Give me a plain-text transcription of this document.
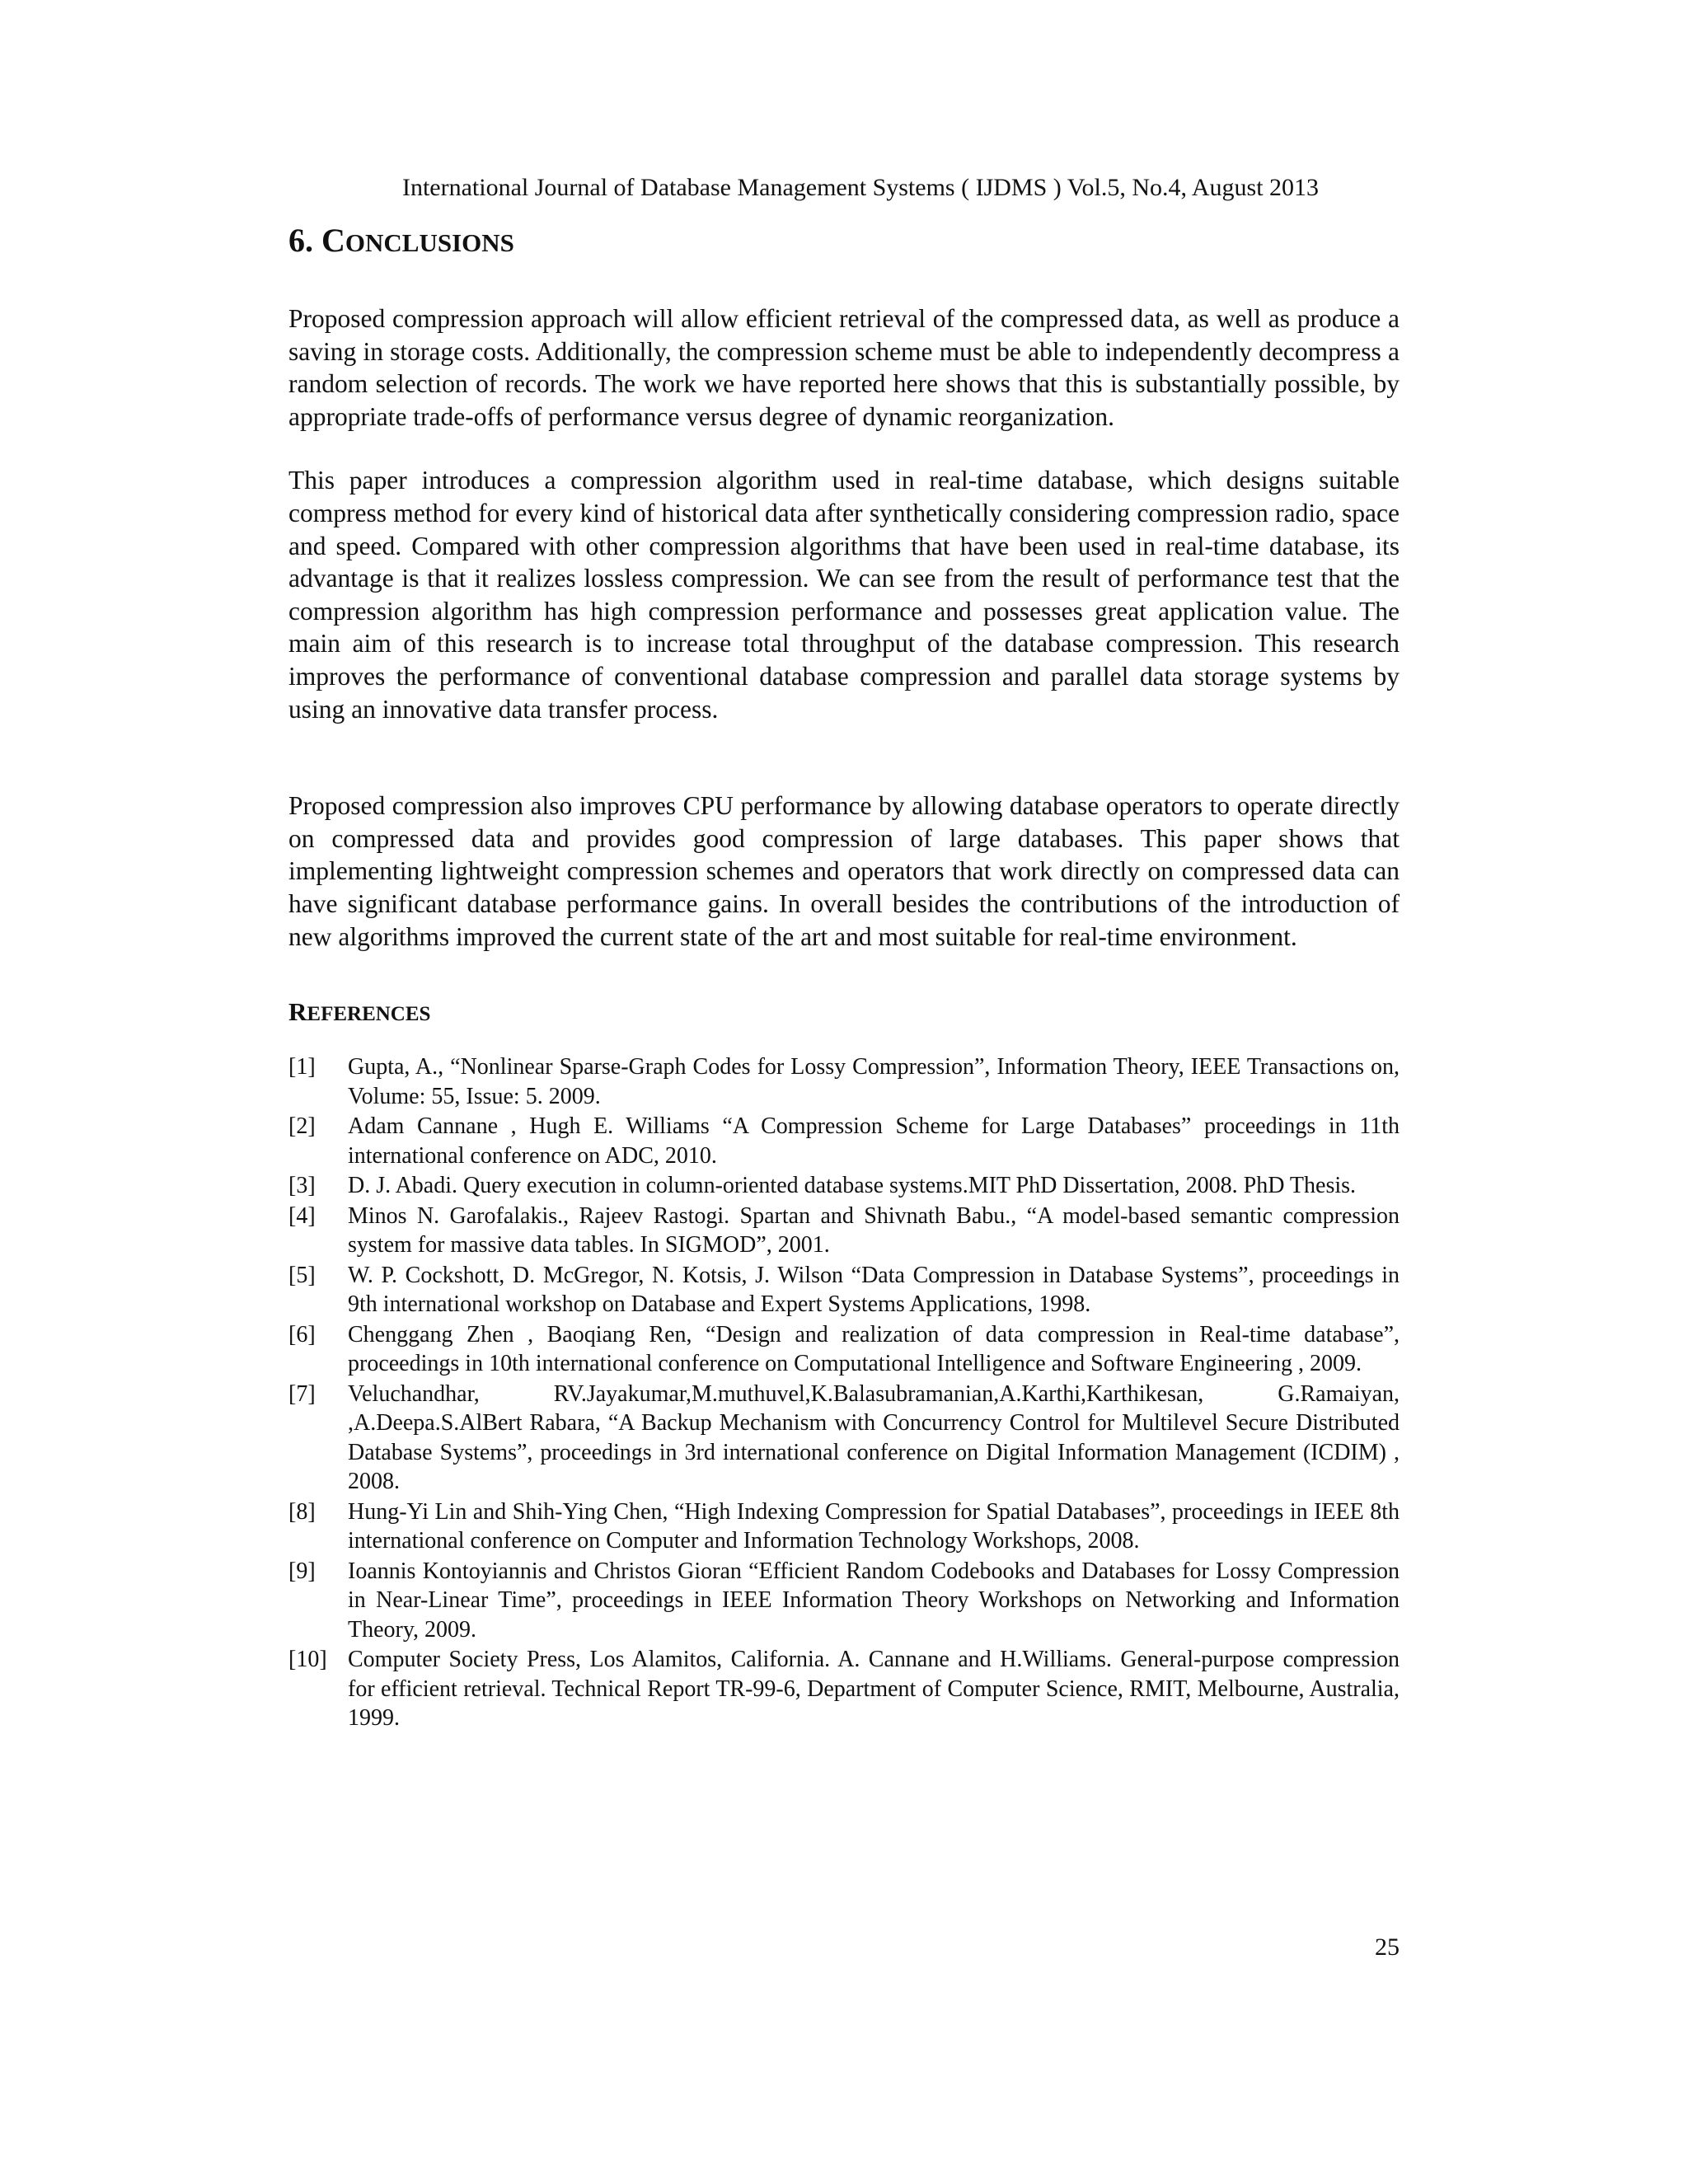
International Journal of Database Management Systems ( IJDMS ) Vol.5, No.4, August 2013
6. CONCLUSIONS

Proposed compression approach will allow efficient retrieval of the compressed data, as well as produce a saving in storage costs. Additionally, the compression scheme must be able to independently decompress a random selection of records. The work we have reported here shows that this is substantially possible, by appropriate trade-offs of performance versus degree of dynamic reorganization.

This paper introduces a compression algorithm used in real-time database, which designs suitable compress method for every kind of historical data after synthetically considering compression radio, space and speed. Compared with other compression algorithms that have been used in real-time database, its advantage is that it realizes lossless compression. We can see from the result of performance test that the compression algorithm has high compression performance and possesses great application value. The main aim of this research is to increase total throughput of the database compression. This research improves the performance of conventional database compression and parallel data storage systems by using an innovative data transfer process.

Proposed compression also improves CPU performance by allowing database operators to operate directly on compressed data and provides good compression of large databases. This paper shows that implementing lightweight compression schemes and operators that work directly on compressed data can have significant database performance gains. In overall besides the contributions of the introduction of new algorithms improved the current state of the art and most suitable for real-time environment.

REFERENCES
[1]	Gupta, A., “Nonlinear Sparse-Graph Codes for Lossy Compression”, Information Theory, IEEE Transactions on, Volume: 55, Issue: 5. 2009.
[2]	Adam Cannane , Hugh E. Williams “A Compression Scheme for Large Databases” proceedings in 11th international conference on ADC, 2010.
[3]	D. J. Abadi. Query execution in column-oriented database systems.MIT PhD Dissertation, 2008. PhD Thesis.
[4]	Minos N. Garofalakis., Rajeev Rastogi. Spartan and Shivnath Babu., “A model-based semantic compression system for massive data tables. In SIGMOD”, 2001.
[5]	W. P. Cockshott, D. McGregor, N. Kotsis, J. Wilson “Data Compression in Database Systems”, proceedings in 9th international workshop on Database and Expert Systems Applications, 1998.
[6]	Chenggang Zhen , Baoqiang Ren, “Design and realization of data compression in Real-time database”, proceedings in 10th international conference on Computational Intelligence and Software Engineering , 2009.
[7]	Veluchandhar, RV.Jayakumar,M.muthuvel,K.Balasubramanian,A.Karthi,Karthikesan, G.Ramaiyan, ,A.Deepa.S.AlBert Rabara, “A Backup Mechanism with Concurrency Control for Multilevel Secure Distributed Database Systems”, proceedings in 3rd international conference on Digital Information Management (ICDIM) , 2008.
[8]	Hung-Yi Lin and Shih-Ying Chen, “High Indexing Compression for Spatial Databases”, proceedings in IEEE 8th international conference on Computer and Information Technology Workshops, 2008.
[9]	Ioannis Kontoyiannis and Christos Gioran “Efficient Random Codebooks and Databases for Lossy Compression in Near-Linear Time”, proceedings in IEEE Information Theory Workshops on Networking and Information Theory, 2009.
[10] Computer Society Press, Los Alamitos, California. A. Cannane and H.Williams. General-purpose compression for efficient retrieval. Technical Report TR-99-6, Department of Computer Science, RMIT, Melbourne, Australia, 1999.
25
